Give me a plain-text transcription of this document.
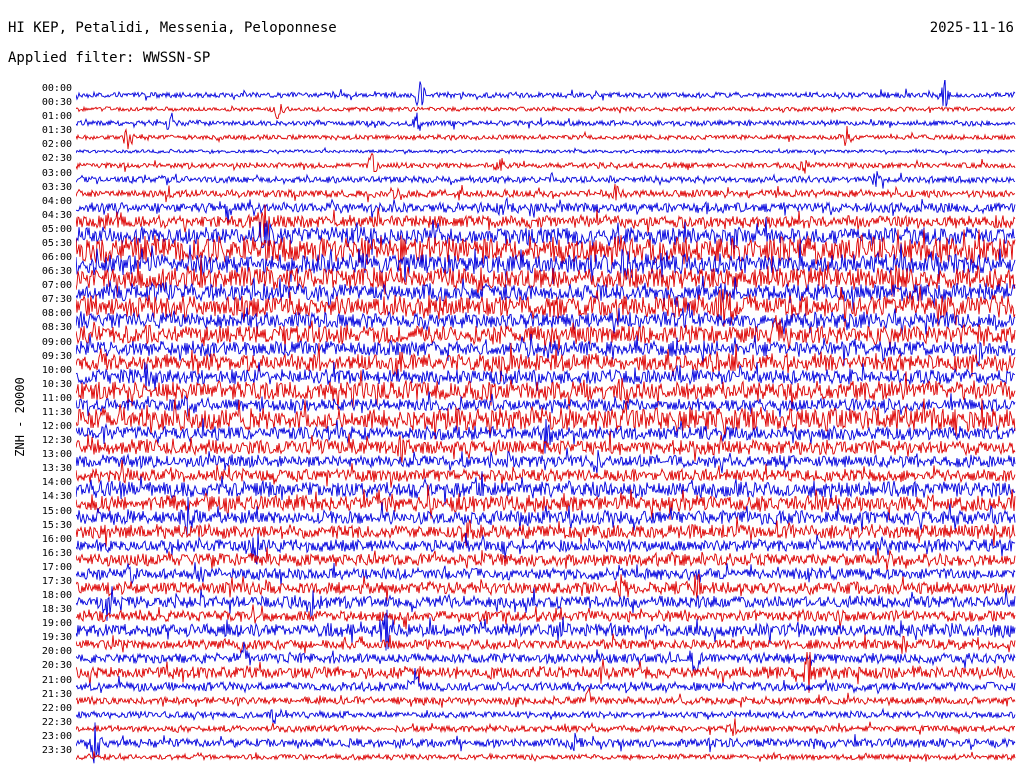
HI KEP, Petalidi, Messenia, Peloponnese	2025-11-16
Applied filter: WWSSN-SP
ZNH - 20000
00:00
00:30
01:00
01:30
02:00
02:30
03:00
03:30
04:00
04:30
05:00
05:30
06:00
06:30
07:00
07:30
08:00
08:30
09:00
09:30
10:00
10:30
11:00
11:30
12:00
12:30
13:00
13:30
14:00
14:30
15:00
15:30
16:00
16:30
17:00
17:30
18:00
18:30
19:00
19:30
20:00
20:30
21:00
21:30
22:00
22:30
23:00
23:30
